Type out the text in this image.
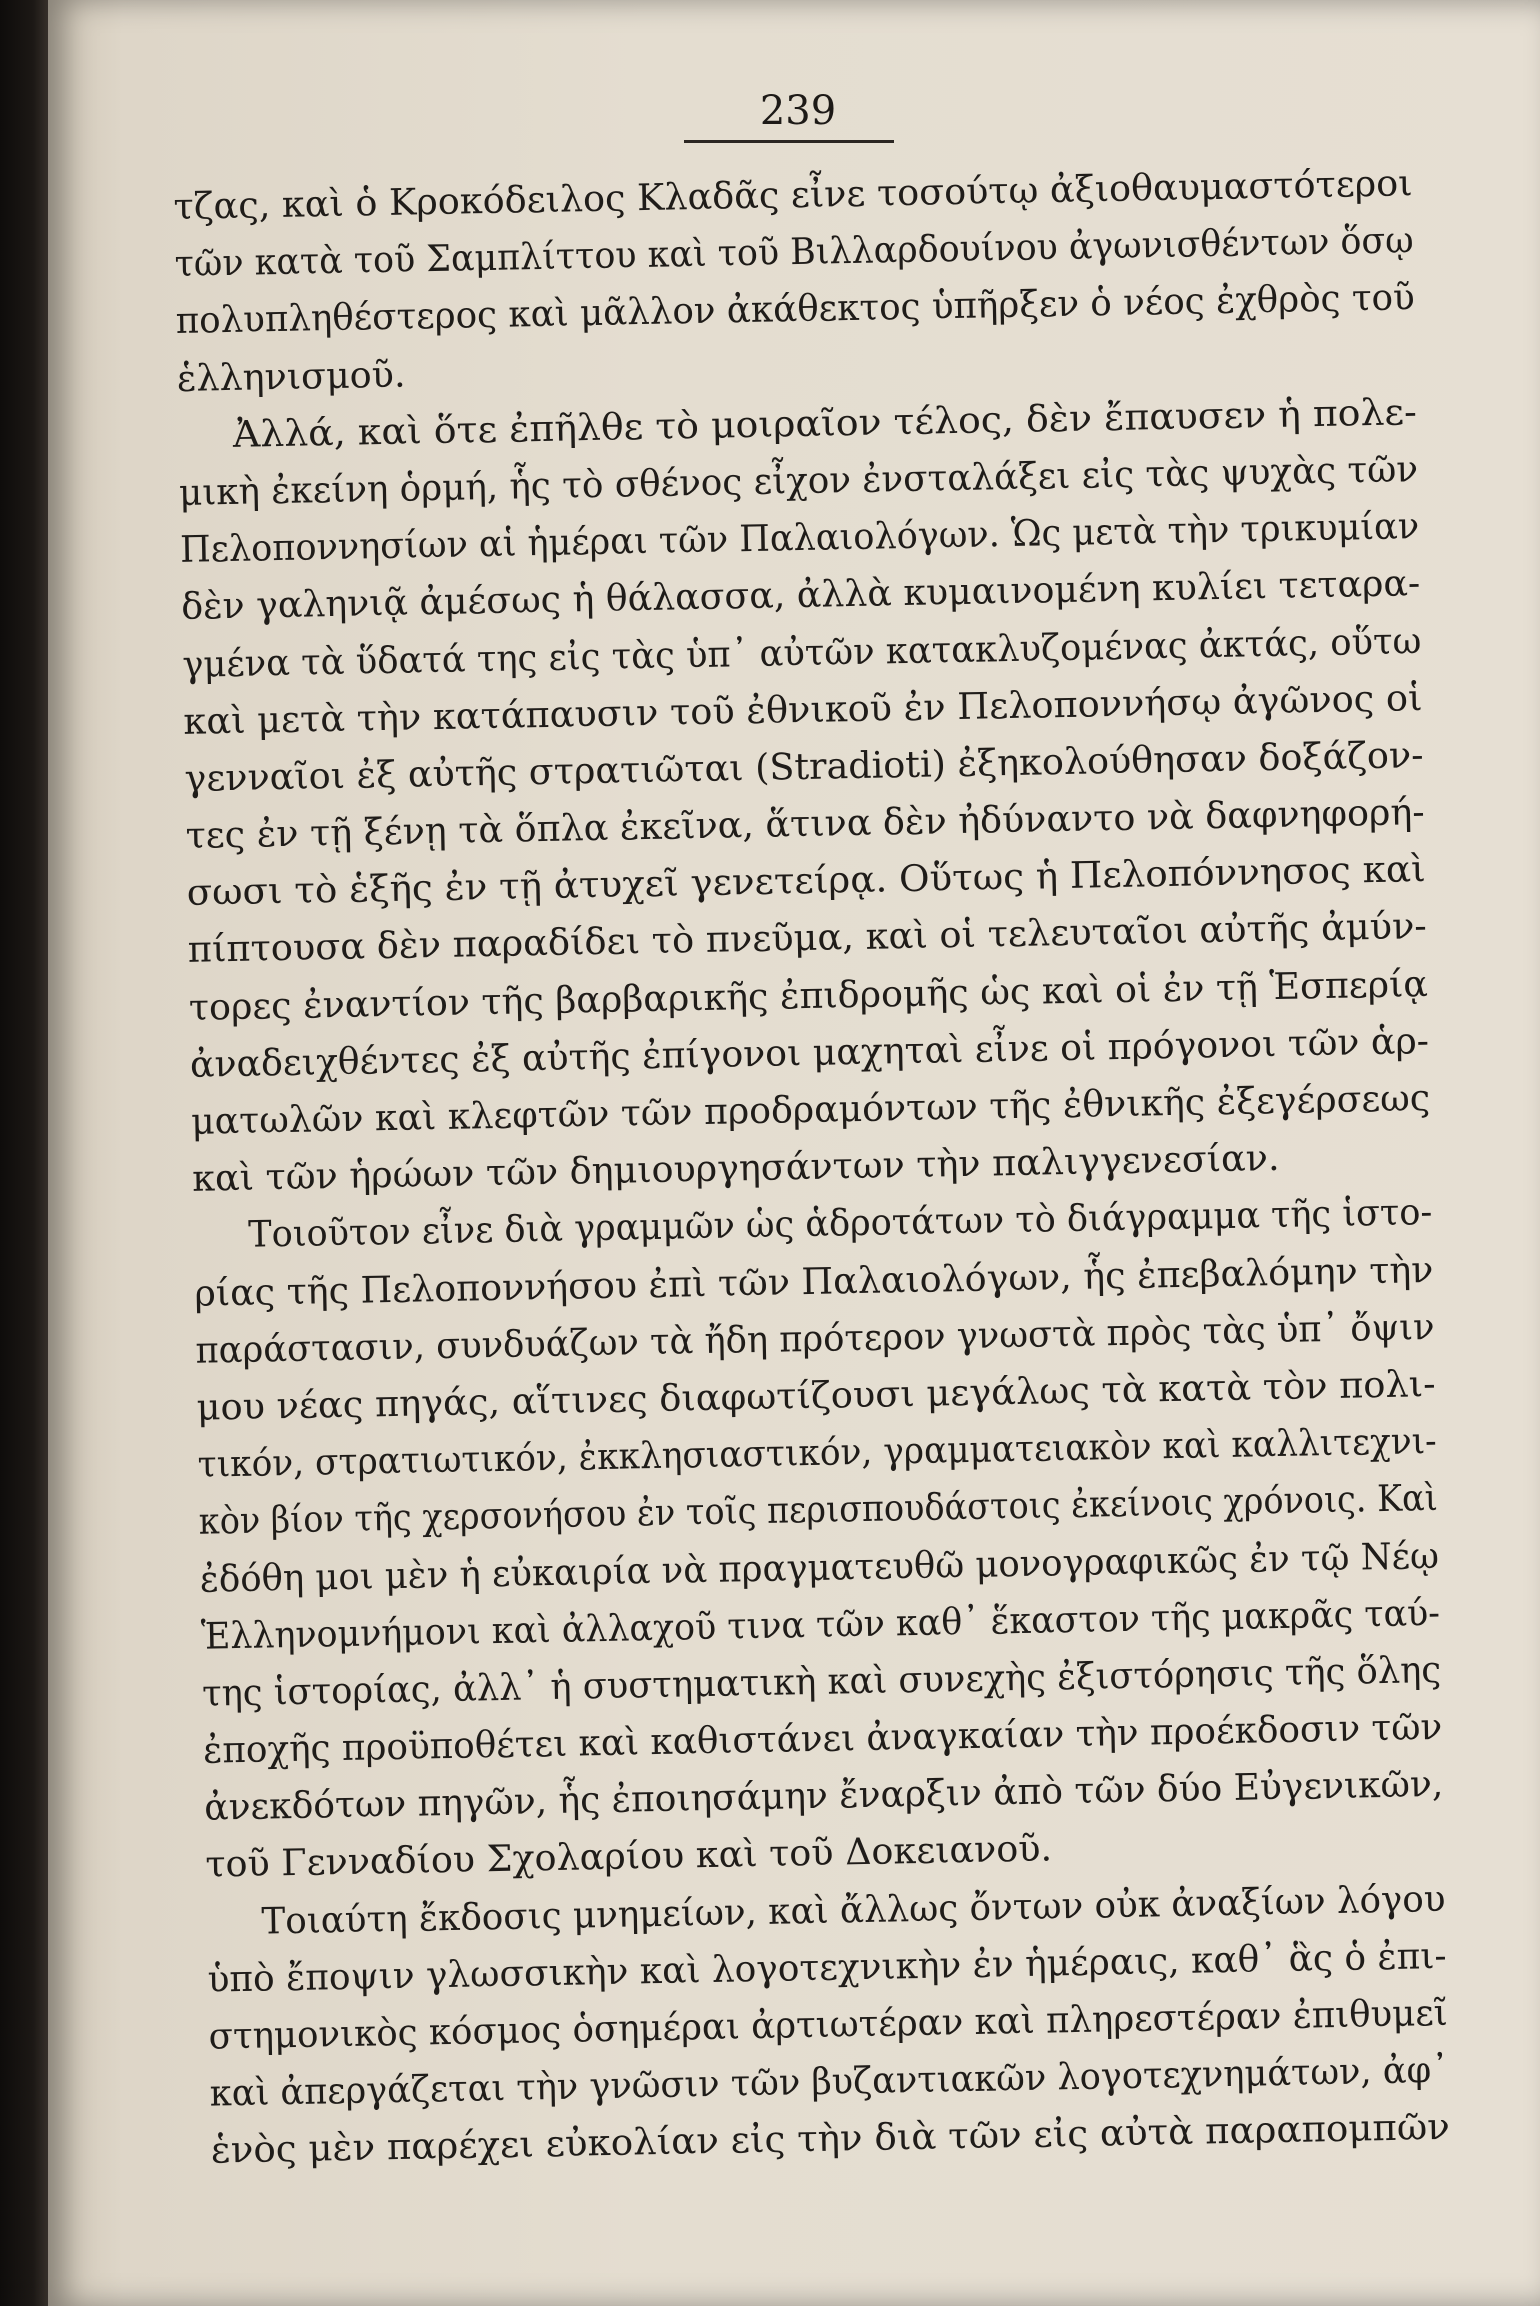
239
τζας, καὶ ὁ Κροκόδειλος Κλαδᾶς εἶνε τοσούτῳ ἀξιοθαυμαστότεροι
τῶν κατὰ τοῦ Σαμπλίττου καὶ τοῦ Βιλλαρδουίνου ἀγωνισθέντων ὅσῳ
πολυπληθέστερος καὶ μᾶλλον ἀκάθεκτος ὑπῆρξεν ὁ νέος ἐχθρὸς τοῦ
ἑλληνισμοῦ.
Ἀλλά, καὶ ὅτε ἐπῆλθε τὸ μοιραῖον τέλος, δὲν ἔπαυσεν ἡ πολε-
μικὴ ἐκείνη ὁρμή, ἧς τὸ σθένος εἶχον ἐνσταλάξει εἰς τὰς ψυχὰς τῶν
Πελοποννησίων αἱ ἡμέραι τῶν Παλαιολόγων. Ὡς μετὰ τὴν τρικυμίαν
δὲν γαληνιᾷ ἀμέσως ἡ θάλασσα, ἀλλὰ κυμαινομένη κυλίει τεταρα-
γμένα τὰ ὕδατά της εἰς τὰς ὑπ᾽ αὐτῶν κατακλυζομένας ἀκτάς, οὕτω
καὶ μετὰ τὴν κατάπαυσιν τοῦ ἐθνικοῦ ἐν Πελοποννήσῳ ἀγῶνος οἱ
γενναῖοι ἐξ αὐτῆς στρατιῶται (Stradioti) ἐξηκολούθησαν δοξάζον-
τες ἐν τῇ ξένῃ τὰ ὅπλα ἐκεῖνα, ἅτινα δὲν ἠδύναντο νὰ δαφνηφορή-
σωσι τὸ ἑξῆς ἐν τῇ ἀτυχεῖ γενετείρᾳ. Οὕτως ἡ Πελοπόννησος καὶ
πίπτουσα δὲν παραδίδει τὸ πνεῦμα, καὶ οἱ τελευταῖοι αὐτῆς ἀμύν-
τορες ἐναντίον τῆς βαρβαρικῆς ἐπιδρομῆς ὡς καὶ οἱ ἐν τῇ Ἑσπερίᾳ
ἀναδειχθέντες ἐξ αὐτῆς ἐπίγονοι μαχηταὶ εἶνε οἱ πρόγονοι τῶν ἁρ-
ματωλῶν καὶ κλεφτῶν τῶν προδραμόντων τῆς ἐθνικῆς ἐξεγέρσεως
καὶ τῶν ἡρώων τῶν δημιουργησάντων τὴν παλιγγενεσίαν.
Τοιοῦτον εἶνε διὰ γραμμῶν ὡς ἁδροτάτων τὸ διάγραμμα τῆς ἱστο-
ρίας τῆς Πελοποννήσου ἐπὶ τῶν Παλαιολόγων, ἧς ἐπεβαλόμην τὴν
παράστασιν, συνδυάζων τὰ ἤδη πρότερον γνωστὰ πρὸς τὰς ὑπ᾽ ὄψιν
μου νέας πηγάς, αἵτινες διαφωτίζουσι μεγάλως τὰ κατὰ τὸν πολι-
τικόν, στρατιωτικόν, ἐκκλησιαστικόν, γραμματειακὸν καὶ καλλιτεχνι-
κὸν βίον τῆς χερσονήσου ἐν τοῖς περισπουδάστοις ἐκείνοις χρόνοις. Καὶ
ἐδόθη μοι μὲν ἡ εὐκαιρία νὰ πραγματευθῶ μονογραφικῶς ἐν τῷ Νέῳ
Ἑλληνομνήμονι καὶ ἀλλαχοῦ τινα τῶν καθ᾽ ἕκαστον τῆς μακρᾶς ταύ-
της ἱστορίας, ἀλλ᾽ ἡ συστηματικὴ καὶ συνεχὴς ἐξιστόρησις τῆς ὅλης
ἐποχῆς προϋποθέτει καὶ καθιστάνει ἀναγκαίαν τὴν προέκδοσιν τῶν
ἀνεκδότων πηγῶν, ἧς ἐποιησάμην ἔναρξιν ἀπὸ τῶν δύο Εὐγενικῶν,
τοῦ Γενναδίου Σχολαρίου καὶ τοῦ Δοκειανοῦ.
Τοιαύτη ἔκδοσις μνημείων, καὶ ἄλλως ὄντων οὐκ ἀναξίων λόγου
ὑπὸ ἔποψιν γλωσσικὴν καὶ λογοτεχνικὴν ἐν ἡμέραις, καθ᾽ ἃς ὁ ἐπι-
στημονικὸς κόσμος ὁσημέραι ἀρτιωτέραν καὶ πληρεστέραν ἐπιθυμεῖ
καὶ ἀπεργάζεται τὴν γνῶσιν τῶν βυζαντιακῶν λογοτεχνημάτων, ἀφ᾽
ἑνὸς μὲν παρέχει εὐκολίαν εἰς τὴν διὰ τῶν εἰς αὐτὰ παραπομπῶν
